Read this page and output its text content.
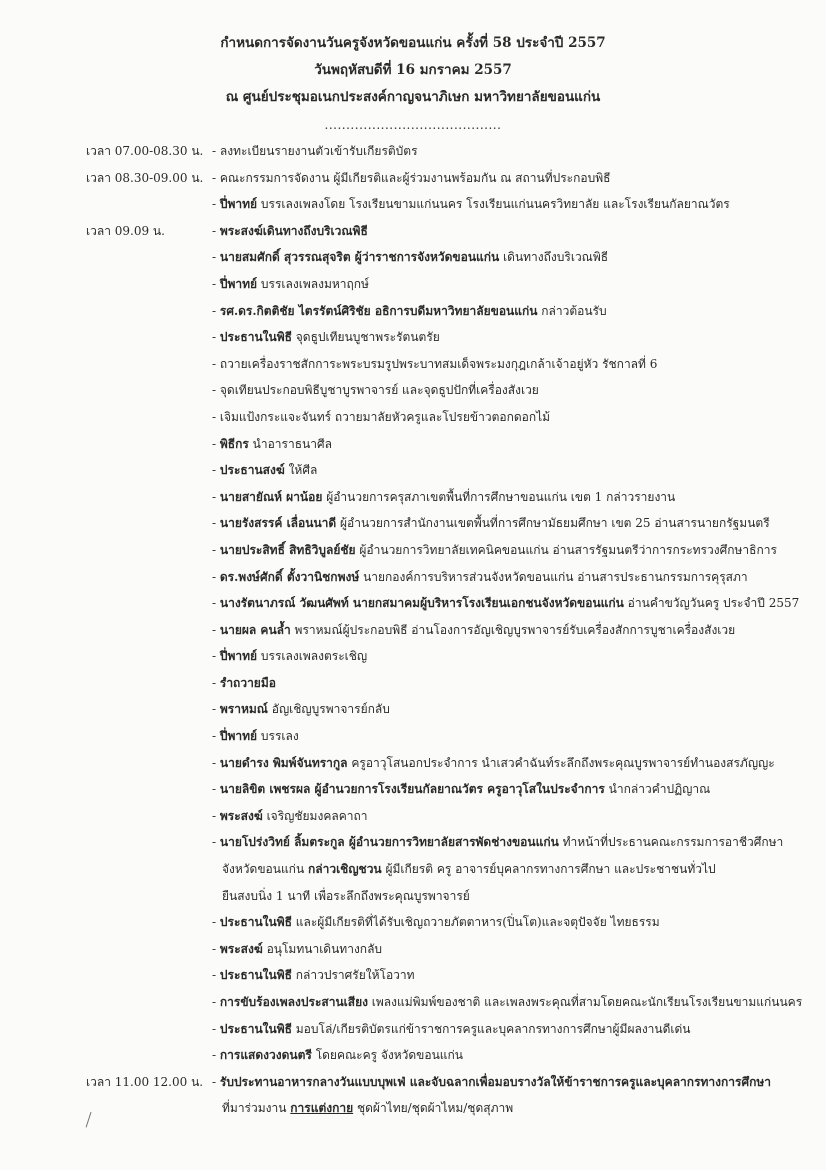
กำหนดการจัดงานวันครูจังหวัดขอนแก่น ครั้งที่ 58 ประจำปี 2557
วันพฤหัสบดีที่ 16 มกราคม 2557
ณ ศูนย์ประชุมอเนกประสงค์กาญจนาภิเษก มหาวิทยาลัยขอนแก่น
.........................................
เวลา 07.00-08.30 น. - ลงทะเบียนรายงานตัวเข้ารับเกียรติบัตร
เวลา 08.30-09.00 น. - คณะกรรมการจัดงาน ผู้มีเกียรติและผู้ร่วมงานพร้อมกัน ณ สถานที่ประกอบพิธี
- ปี่พาทย์ บรรเลงเพลงโดย โรงเรียนขามแก่นนคร โรงเรียนแก่นนครวิทยาลัย และโรงเรียนกัลยาณวัตร
เวลา 09.09 น.	- พระสงฆ์เดินทางถึงบริเวณพิธี
- นายสมศักดิ์ สุวรรณสุจริต ผู้ว่าราชการจังหวัดขอนแก่น เดินทางถึงบริเวณพิธี
- ปี่พาทย์ บรรเลงเพลงมหาฤกษ์
- รศ.ดร.กิตติชัย ไตรรัตน์ศิริชัย อธิการบดีมหาวิทยาลัยขอนแก่น กล่าวต้อนรับ
- ประธานในพิธี จุดธูปเทียนบูชาพระรัตนตรัย
- ถวายเครื่องราชสักการะพระบรมรูปพระบาทสมเด็จพระมงกุฎเกล้าเจ้าอยู่หัว รัชกาลที่ 6
- จุดเทียนประกอบพิธีบูชาบูรพาจารย์ และจุดธูปปักที่เครื่องสังเวย
- เจิมแป้งกระแจะจันทร์ ถวายมาลัยหัวครูและโปรยข้าวตอกดอกไม้
- พิธีกร นำอาราธนาศีล
- ประธานสงฆ์ ให้ศีล
- นายสายัณห์ ผาน้อย ผู้อำนวยการครุสภาเขตพื้นที่การศึกษาขอนแก่น เขต 1 กล่าวรายงาน
- นายรังสรรค์ เลื่อนนาดี ผู้อำนวยการสำนักงานเขตพื้นที่การศึกษามัธยมศึกษา เขต 25 อ่านสารนายกรัฐมนตรี
- นายประสิทธิ์ สิทธิวิบูลย์ชัย ผู้อำนวยการวิทยาลัยเทคนิคขอนแก่น อ่านสารรัฐมนตรีว่าการกระทรวงศึกษาธิการ
- ดร.พงษ์ศักดิ์ ตั้งวานิชกพงษ์ นายกองค์การบริหารส่วนจังหวัดขอนแก่น อ่านสารประธานกรรมการคุรุสภา
- นางรัตนาภรณ์ วัฒนศัพท์ นายกสมาคมผู้บริหารโรงเรียนเอกชนจังหวัดขอนแก่น อ่านคำขวัญวันครู ประจำปี 2557
- นายผล คนล้ำ พราหมณ์ผู้ประกอบพิธี อ่านโองการอัญเชิญบูรพาจารย์รับเครื่องสักการบูชาเครื่องสังเวย
- ปี่พาทย์ บรรเลงเพลงตระเชิญ
- รำถวายมือ
- พราหมณ์ อัญเชิญบูรพาจารย์กลับ
- ปี่พาทย์ บรรเลง
- นายดำรง พิมพ์จันทรากูล ครูอาวุโสนอกประจำการ นำเสวคำฉันท์ระลึกถึงพระคุณบูรพาจารย์ทำนองสรภัญญะ
- นายลิขิต เพชรผล ผู้อำนวยการโรงเรียนกัลยาณวัตร ครูอาวุโสในประจำการ นำกล่าวคำปฏิญาณ
- พระสงฆ์ เจริญชัยมงคลคาถา
- นายโปร่งวิทย์ ลิ้มตระกูล ผู้อำนวยการวิทยาลัยสารพัดช่างขอนแก่น ทำหน้าที่ประธานคณะกรรมการอาชีวศึกษา
จังหวัดขอนแก่น กล่าวเชิญชวน ผู้มีเกียรติ ครู อาจารย์บุคลากรทางการศึกษา และประชาชนทั่วไป
ยืนสงบนิ่ง 1 นาที เพื่อระลึกถึงพระคุณบูรพาจารย์
- ประธานในพิธี และผู้มีเกียรติที่ได้รับเชิญถวายภัตตาหาร(ปิ่นโต)และจตุปัจจัย ไทยธรรม
- พระสงฆ์ อนุโมทนาเดินทางกลับ
- ประธานในพิธี กล่าวปราศรัยให้โอวาท
- การขับร้องเพลงประสานเสียง เพลงแม่พิมพ์ของชาติ และเพลงพระคุณที่สามโดยคณะนักเรียนโรงเรียนขามแก่นนคร
- ประธานในพิธี มอบโล่/เกียรติบัตรแก่ข้าราชการครูและบุคลากรทางการศึกษาผู้มีผลงานดีเด่น
- การแสดงวงดนตรี โดยคณะครู จังหวัดขอนแก่น
เวลา 11.00 12.00 น. - รับประทานอาหารกลางวันแบบบุพเฟ่ และจับฉลากเพื่อมอบรางวัลให้ข้าราชการครูและบุคลากรทางการศึกษา
ที่มาร่วมงาน การแต่งกาย ชุดผ้าไทย/ชุดผ้าไหม/ชุดสุภาพ
